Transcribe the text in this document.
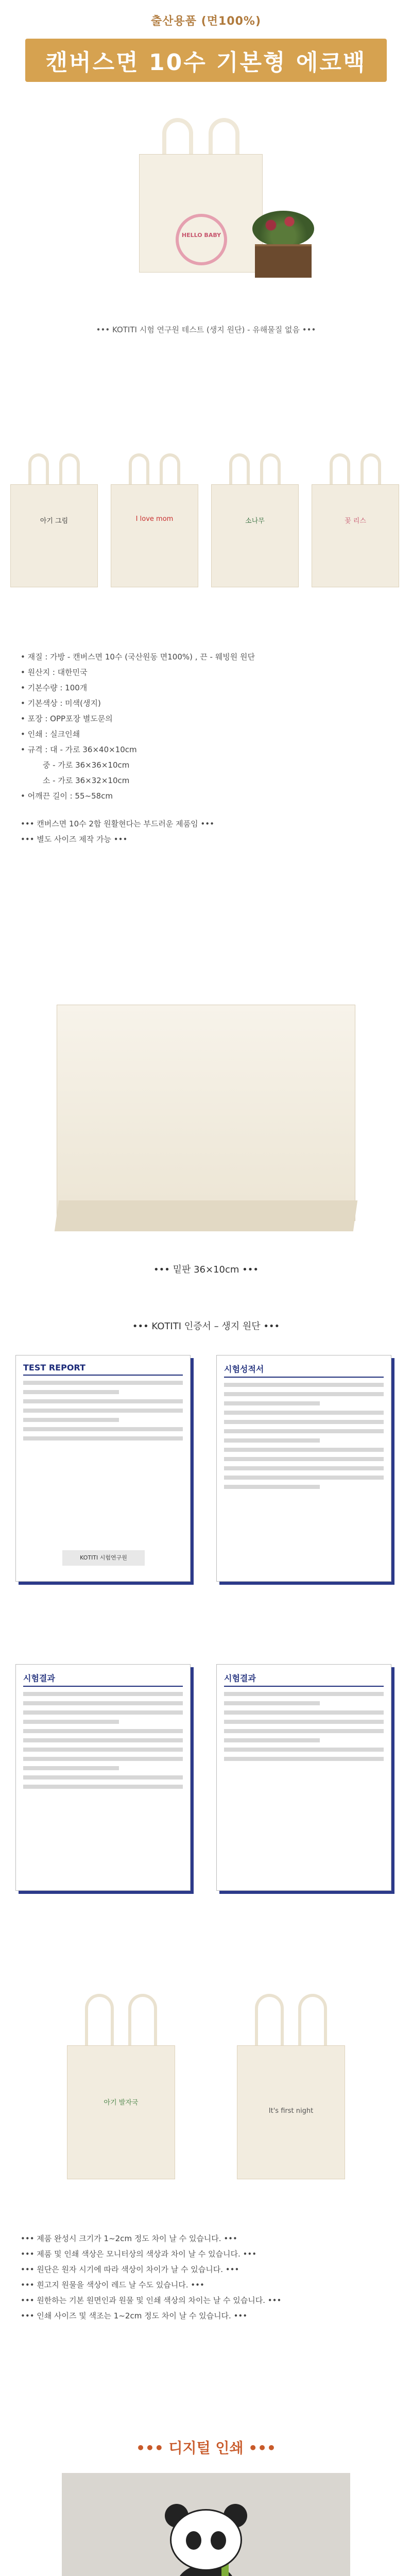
출산용품 (면100%)
캔버스면 10수 기본형 에코백
HELLO BABY
••• KOTITI 시험 연구원 테스트 (생지 원단) - 유해물질 없음 •••
아기 그림	I love mom	소나무	꽃 리스
• 재질 : 가방 - 캔버스면 10수 (국산원동 면100%) , 끈 - 웨빙원 원단
• 원산지 : 대한민국
• 기본수량 : 100개
• 기본색상 : 미색(생지)
• 포장 : OPP포장 별도문의
• 인쇄 : 실크인쇄
• 규격 : 대 - 가로 36×40×10cm
중 - 가로 36×36×10cm
소 - 가로 36×32×10cm
• 어깨끈 길이 : 55~58cm
••• 캔버스면 10수 2합 원활현다는 부드러운 제품임 •••
••• 별도 사이즈 제작 가능 •••
••• 밑판 36×10cm •••
••• KOTITI 인증서 – 생지 원단 •••
TEST REPORT
KOTITI 시험연구원
시험성적서
시험결과	시험결과
아기 발자국
It's first night
••• 제품 완성시 크기가 1~2cm 정도 차이 날 수 있습니다. •••
••• 제품 및 인쇄 색상은 모니터상의 색상과 차이 날 수 있습니다. •••
••• 원단은 원자 시기에 따라 색상이 차이가 날 수 있습니다. •••
••• 흰고지 원물을 색상이 레드 날 수도 있습니다. •••
••• 원한하는 기본 원면인과 원물 및 인쇄 색상의 차이는 날 수 있습니다. •••
••• 인쇄 사이즈 및 색조는 1~2cm 정도 차이 날 수 있습니다. •••
••• 디지털 인쇄 •••
